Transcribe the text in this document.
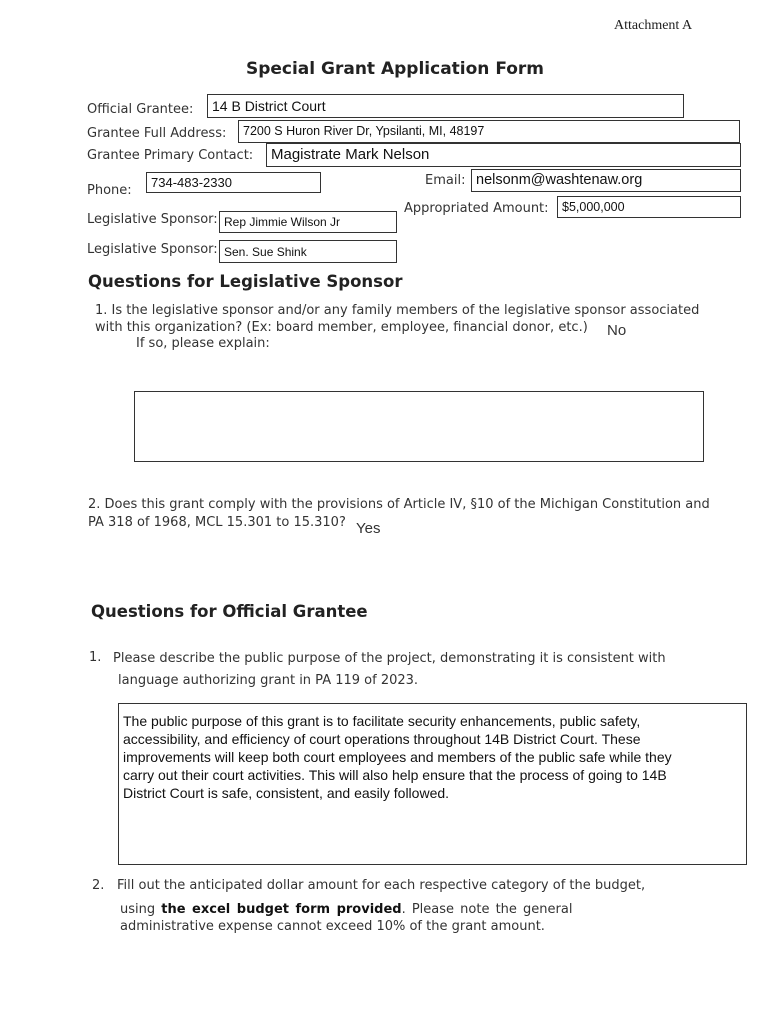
Attachment A
Special Grant Application Form
Official Grantee: 14 B District Court
Grantee Full Address:	7200 S Huron River Dr, Ypsilanti, MI, 48197
Grantee Primary Contact: Magistrate Mark Nelson
Phone:
734-483-2330	Email: nelsonm@washtenaw.org
Appropriated Amount:	$5,000,000
Legislative Sponsor: Rep Jimmie Wilson Jr
Legislative Sponsor: Sen. Sue Shink
Questions for Legislative Sponsor
1. Is the legislative sponsor and/or any family members of the legislative sponsor associated
with this organization? (Ex: board member, employee, financial donor, etc.) No
If so, please explain:
2. Does this grant comply with the provisions of Article IV, §10 of the Michigan Constitution and
PA 318 of 1968, MCL 15.301 to 15.310? Yes
Questions for Official Grantee
1. Please describe the public purpose of the project, demonstrating it is consistent with
language authorizing grant in PA 119 of 2023.
The public purpose of this grant is to facilitate security enhancements, public safety,
accessibility, and efficiency of court operations throughout 14B District Court. These
improvements will keep both court employees and members of the public safe while they
carry out their court activities. This will also help ensure that the process of going to 14B
District Court is safe, consistent, and easily followed.
2. Fill out the anticipated dollar amount for each respective category of the budget,
using the excel budget form provided. Please note the general
administrative expense cannot exceed 10% of the grant amount.
